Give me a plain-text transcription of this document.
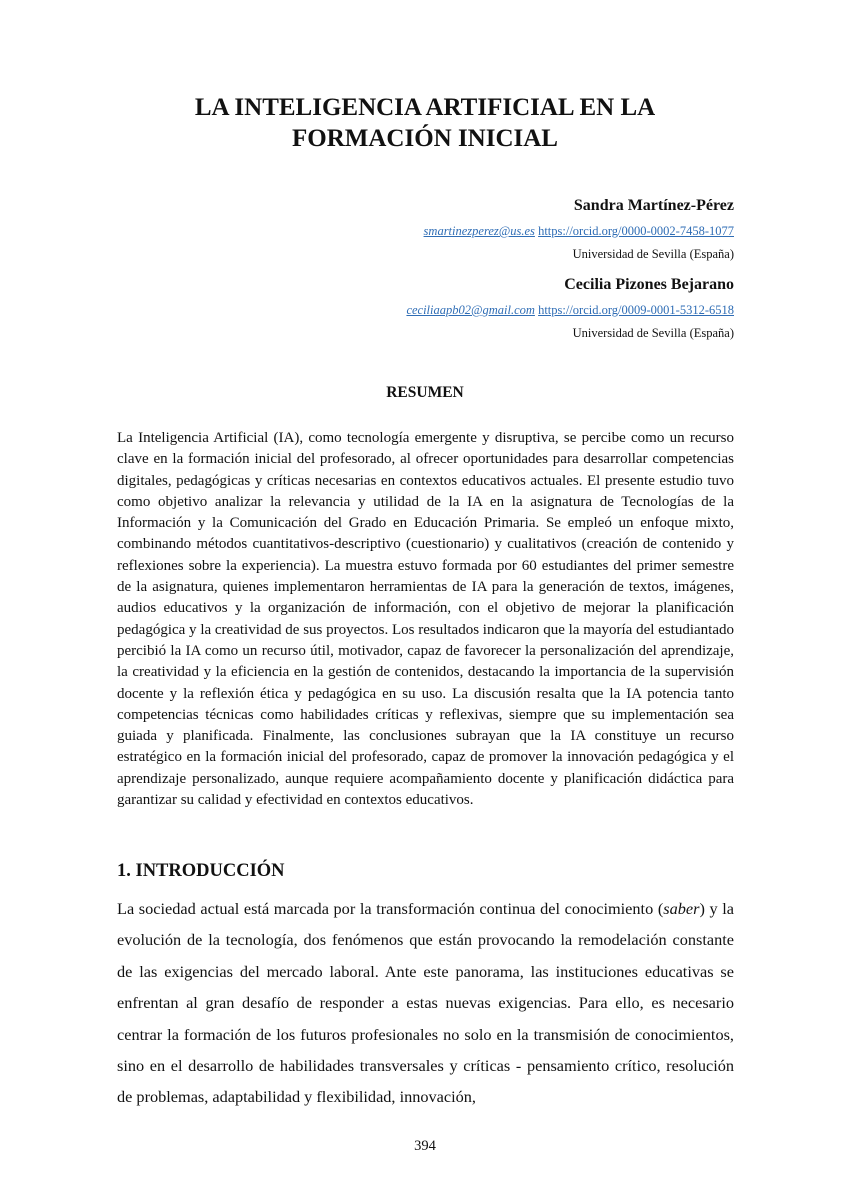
LA INTELIGENCIA ARTIFICIAL EN LA
FORMACIÓN INICIAL
Sandra Martínez-Pérez
smartinezperez@us.es https://orcid.org/0000-0002-7458-1077
Universidad de Sevilla (España)
Cecilia Pizones Bejarano
ceciliaapb02@gmail.com https://orcid.org/0009-0001-5312-6518
Universidad de Sevilla (España)
RESUMEN

La Inteligencia Artificial (IA), como tecnología emergente y disruptiva, se percibe como un recurso clave en la formación inicial del profesorado, al ofrecer oportunidades para desarrollar competencias digitales, pedagógicas y críticas necesarias en contextos educativos actuales. El presente estudio tuvo como objetivo analizar la relevancia y utilidad de la IA en la asignatura de Tecnologías de la Información y la Comunicación del Grado en Educación Primaria. Se empleó un enfoque mixto, combinando métodos cuantitativos-descriptivo (cuestionario) y cualitativos (creación de contenido y reflexiones sobre la experiencia). La muestra estuvo formada por 60 estudiantes del primer semestre de la asignatura, quienes implementaron herramientas de IA para la generación de textos, imágenes, audios educativos y la organización de información, con el objetivo de mejorar la planificación pedagógica y la creatividad de sus proyectos. Los resultados indicaron que la mayoría del estudiantado percibió la IA como un recurso útil, motivador, capaz de favorecer la personalización del aprendizaje, la creatividad y la eficiencia en la gestión de contenidos, destacando la importancia de la supervisión docente y la reflexión ética y pedagógica en su uso. La discusión resalta que la IA potencia tanto competencias técnicas como habilidades críticas y reflexivas, siempre que su implementación sea guiada y planificada. Finalmente, las conclusiones subrayan que la IA constituye un recurso estratégico en la formación inicial del profesorado, capaz de promover la innovación pedagógica y el aprendizaje personalizado, aunque requiere acompañamiento docente y planificación didáctica para garantizar su calidad y efectividad en contextos educativos.

1. INTRODUCCIÓN

La sociedad actual está marcada por la transformación continua del conocimiento (saber) y la evolución de la tecnología, dos fenómenos que están provocando la remodelación constante de las exigencias del mercado laboral. Ante este panorama, las instituciones educativas se enfrentan al gran desafío de responder a estas nuevas exigencias. Para ello, es necesario centrar la formación de los futuros profesionales no solo en la transmisión de conocimientos, sino en el desarrollo de habilidades transversales y críticas - pensamiento crítico, resolución de problemas, adaptabilidad y flexibilidad, innovación,

394
